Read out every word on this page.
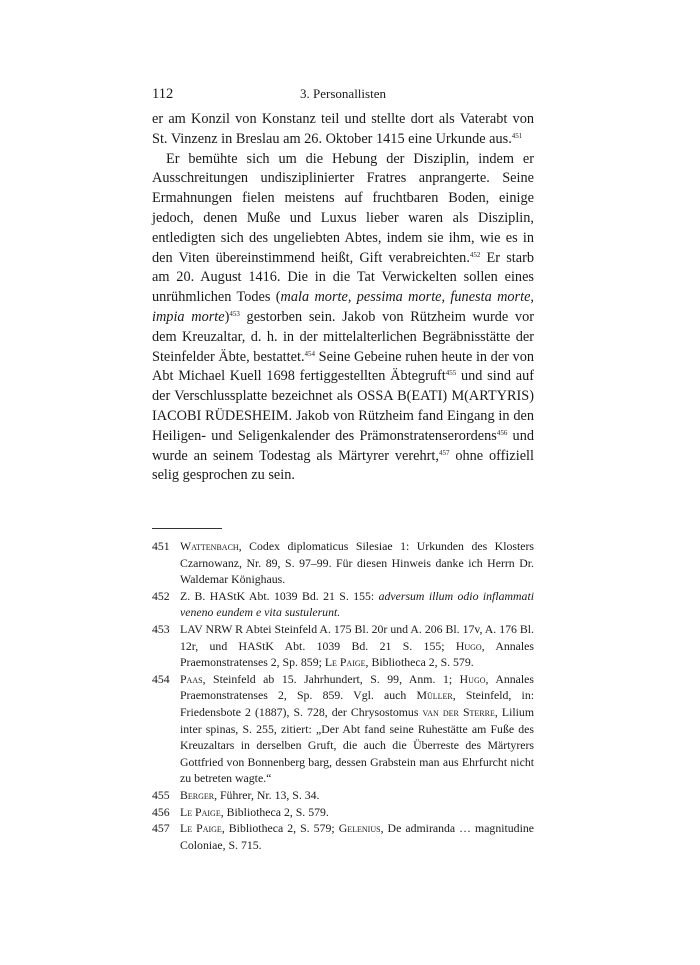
112	3. Personallisten

er am Konzil von Konstanz teil und stellte dort als Vaterabt von St. Vinzenz in Breslau am 26. Oktober 1415 eine Urkunde aus.$^{451}$

Er bemühte sich um die Hebung der Disziplin, indem er Ausschreitungen undisziplinierter Fratres anprangerte. Seine Ermahnungen fielen meistens auf fruchtbaren Boden, einige jedoch, denen Muße und Luxus lieber waren als Disziplin, entledigten sich des ungeliebten Abtes, indem sie ihm, wie es in den Viten übereinstimmend heißt, Gift verabreichten.$^{452}$ Er starb am 20. August 1416. Die in die Tat Verwickelten sollen eines unrühmlichen Todes (mala morte, pessima morte, funesta morte, impia morte)$^{453}$ gestorben sein. Jakob von Rützheim wurde vor dem Kreuzaltar, d. h. in der mittelalterlichen Begräbnisstätte der Steinfelder Äbte, bestattet.$^{454}$ Seine Gebeine ruhen heute in der von Abt Michael Kuell 1698 fertiggestellten Äbtegruft$^{455}$ und sind auf der Verschlussplatte bezeichnet als OSSA B(EATI) M(ARTYRIS) IACOBI RÜDESHEIM. Jakob von Rützheim fand Eingang in den Heiligen- und Seligenkalender des Prämonstratenserordens$^{456}$ und wurde an seinem Todestag als Märtyrer verehrt,$^{457}$ ohne offiziell selig gesprochen zu sein.

451 Wattenbach, Codex diplomaticus Silesiae 1: Urkunden des Klosters Czarnowanz, Nr. 89, S. 97–99. Für diesen Hinweis danke ich Herrn Dr. Waldemar Könighaus.
452 Z. B. HAStK Abt. 1039 Bd. 21 S. 155: adversum illum odio inflammati veneno eundem e vita sustulerunt.
453 LAV NRW R Abtei Steinfeld A. 175 Bl. 20r und A. 206 Bl. 17v, A. 176 Bl. 12r, und HAStK Abt. 1039 Bd. 21 S. 155; Hugo, Annales Praemonstratenses 2, Sp. 859; Le Paige, Bibliotheca 2, S. 579.
454 Paas, Steinfeld ab 15. Jahrhundert, S. 99, Anm. 1; Hugo, Annales Praemonstratenses 2, Sp. 859. Vgl. auch Müller, Steinfeld, in: Friedensbote 2 (1887), S. 728, der Chrysostomus van der Sterre, Lilium inter spinas, S. 255, zitiert: „Der Abt fand seine Ruhestätte am Fuße des Kreuzaltars in derselben Gruft, die auch die Überreste des Märtyrers Gottfried von Bonnenberg barg, dessen Grabstein man aus Ehrfurcht nicht zu betreten wagte.“
455 Berger, Führer, Nr. 13, S. 34.
456 Le Paige, Bibliotheca 2, S. 579.
457 Le Paige, Bibliotheca 2, S. 579; Gelenius, De admiranda … magnitudine Coloniae, S. 715.
